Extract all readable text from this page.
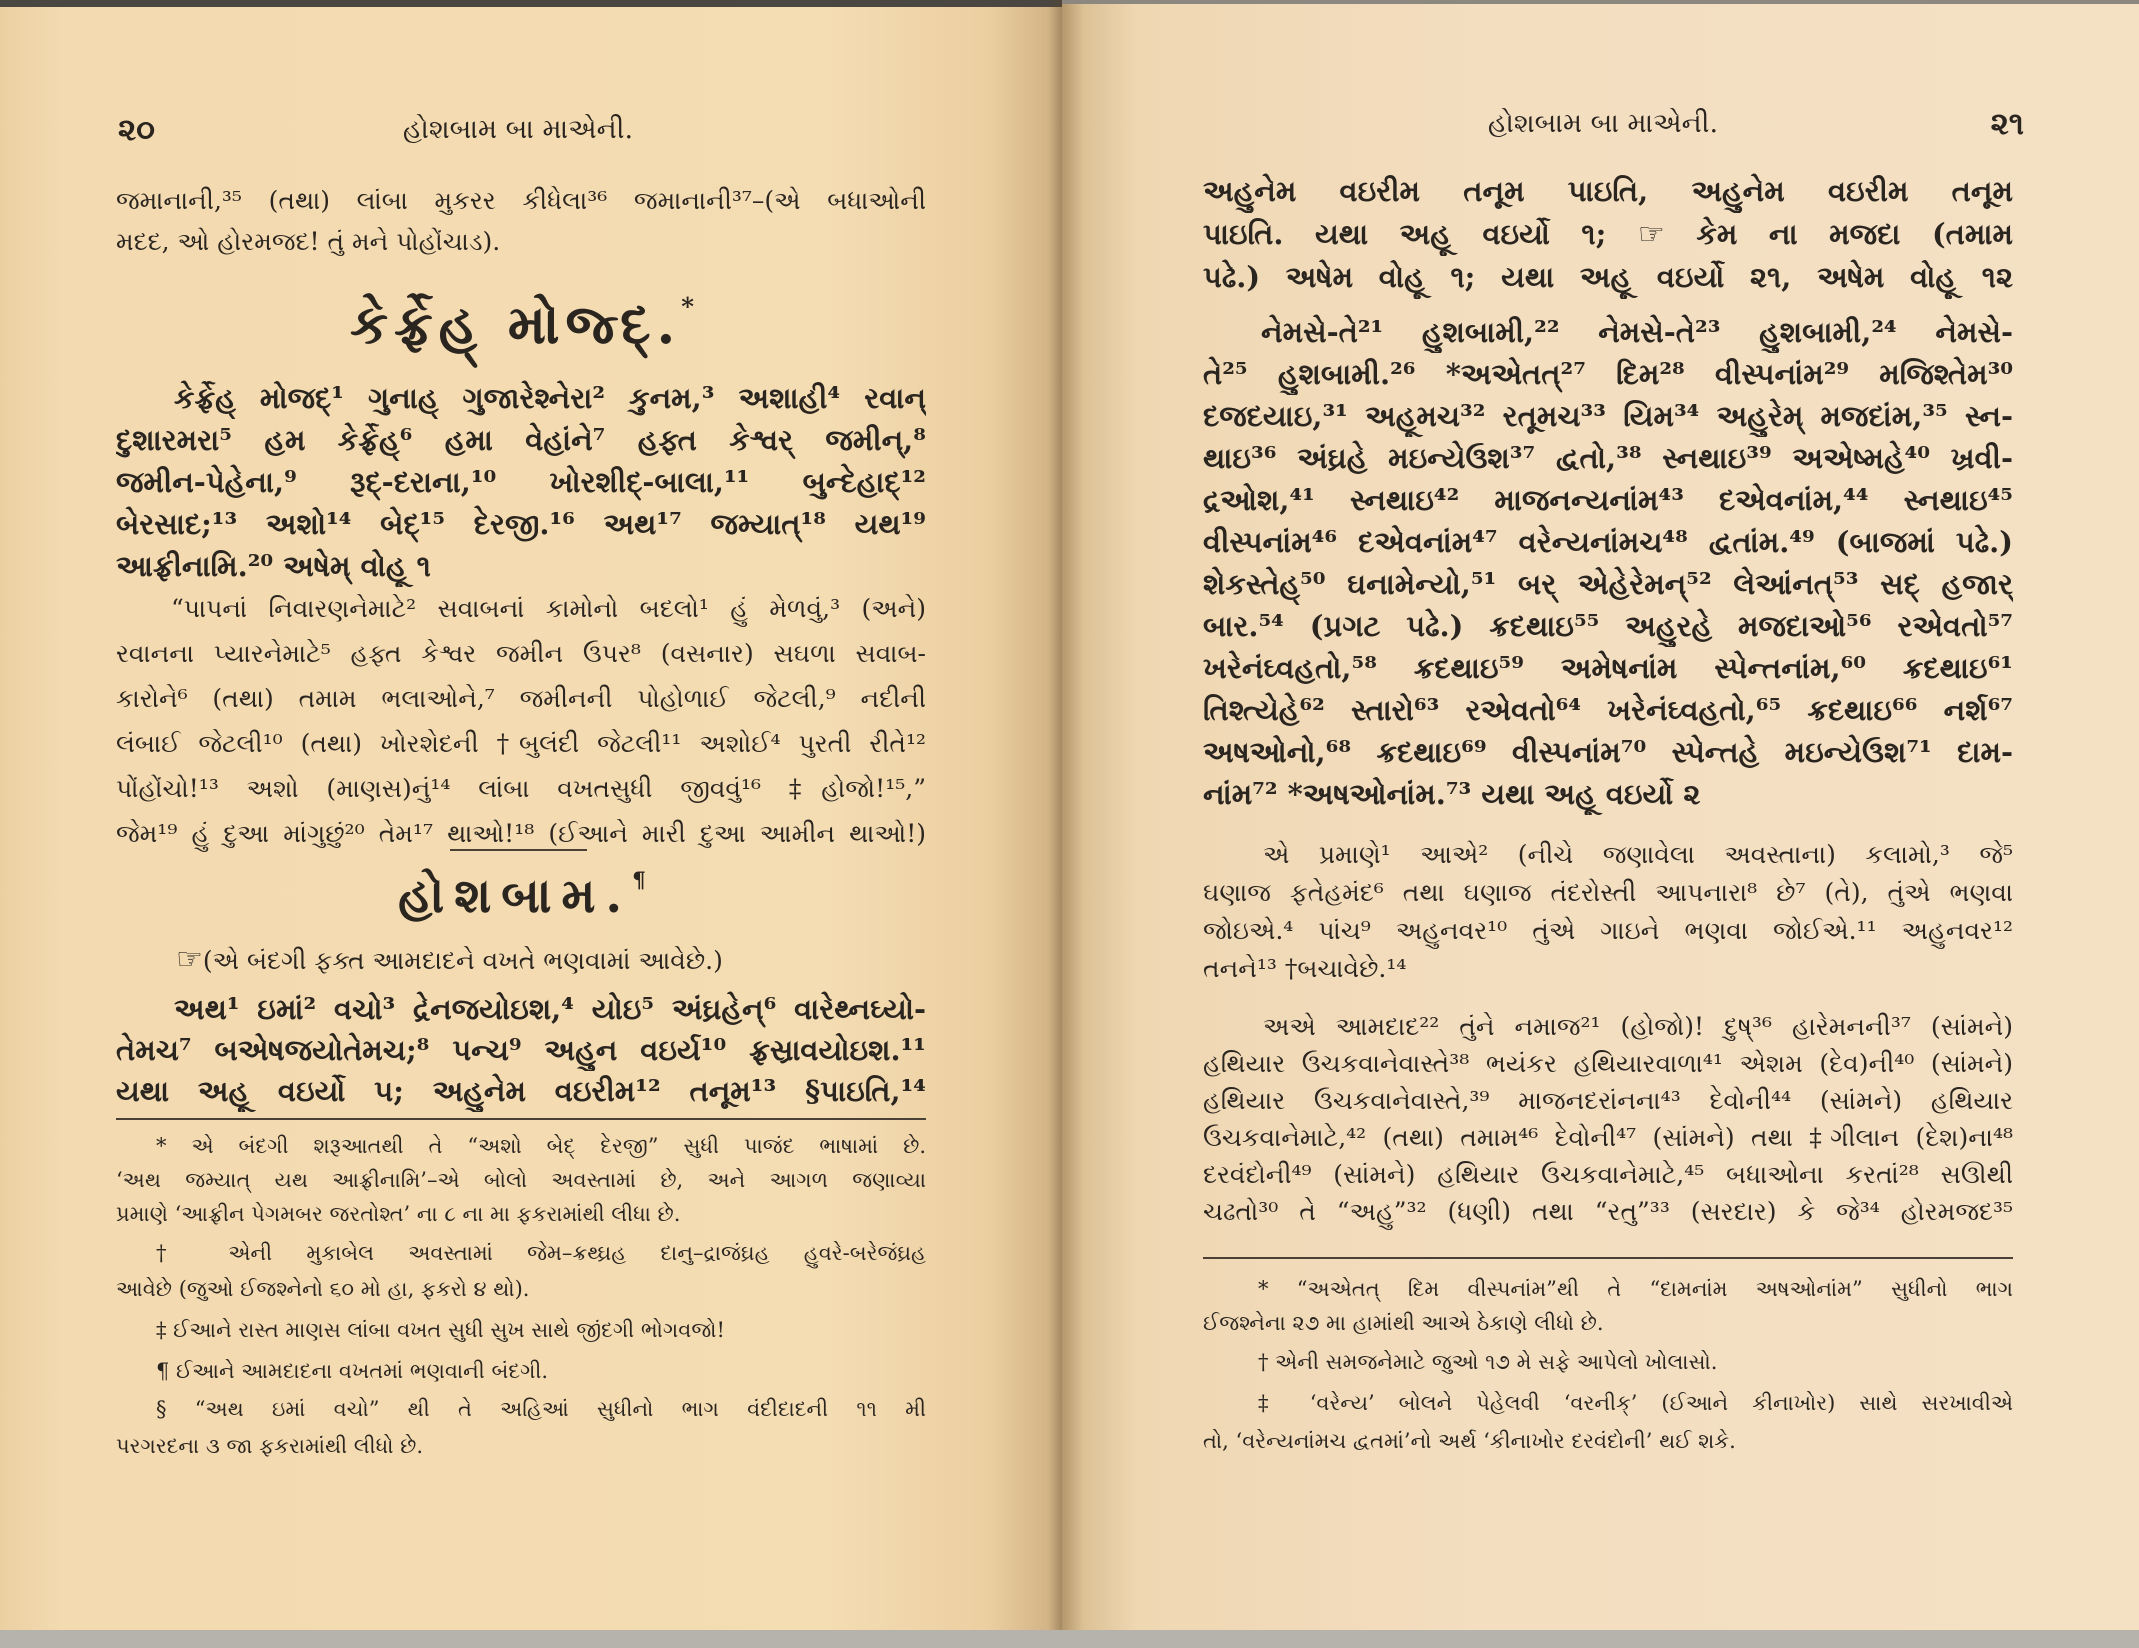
૨૦	હોશબામ બા માએની.
જમાનાની,³⁵ (તથા) લાંબા મુકરર કીધેલા³⁶ જમાનાની³⁷–(એ બધાઓની
મદદ, ઓ હોરમજદ! તું મને પોહોંચાડ).
કેર્ફ્રેહ્ મોજ્દ્.*
કેર્ફ્રેહ્ મોજદ્¹ ગુનાહ્ ગુજારેશ્નેરા² કુનમ,³ અશાહી⁴ રવાન્
દુશારમરા⁵ હમ કેર્ફ્રેહ્⁶ હમા વેહાંને⁷ હફ્ત કેશ્વર્ જમીન્,⁸
જમીન-પેહેના,⁹ રૂદ્-દરાના,¹⁰ ખોરશીદ્-બાલા,¹¹ બુન્દેહાદ્¹²
બેરસાદ;¹³ અશો¹⁴ બેદ્¹⁵ દેરજી.¹⁶ અથ¹⁷ જમ્યાત્¹⁸ યથ¹⁹
આફ્રીનામિ.²⁰ અષેમ્ વોહૂ ૧
“પાપનાં નિવારણનેમાટે² સવાબનાં કામોનો બદલો¹ હું મેળવું,³ (અને)
રવાનના પ્યારનેમાટે⁵ હફ્ત કેશ્વર જમીન ઉપર⁸ (વસનાર) સઘળા સવાબ-
કારોને⁶ (તથા) તમામ ભલાઓને,⁷ જમીનની પોહોળાઈ જેટલી,⁹ નદીની
લંબાઈ જેટલી¹⁰ (તથા) ખોરશેદની †બુલંદી જેટલી¹¹ અશોઈ⁴ પુરતી રીતે¹²
પોંહોંચો!¹³ અશો (માણસ)નું¹⁴ લાંબા વખતસુધી જીવવું¹⁶ ‡હોજો!¹⁵,”
જેમ¹⁹ હું દુઆ માંગુછું²⁰ તેમ¹⁷ થાઓ!¹⁸ (ઈઆને મારી દુઆ આમીન થાઓ!)
હોશબામ.¶
☞ (એ બંદગી ફક્ત આમદાદને વખતે ભણવામાં આવેછે.)
અથ¹ ઇમાં² વચો³ દ્રેનજયોઇશ,⁴ યોઇ⁵ અંઘ્રહેન્⁶ વારેથ્નઘ્યો-
તેમચ⁷ બએષજયોતેમચ;⁸ પન્ચ⁹ અહુન વઇર્ય¹⁰ ફ્રસ્રાવયોઇશ.¹¹
યથા અહૂ વઇર્યો ૫; અહુનેમ વઇરીમ¹² તનૂમ¹³ §પાઇતિ,¹⁴
* એ બંદગી શરૂઆતથી તે “અશો બેદ્ દેરજી” સુધી પાજંદ ભાષામાં છે.
‘અથ જમ્યાત્ યથ આફ્રીનામિ’–એ બોલો અવસ્તામાં છે, અને આગળ જણાવ્યા
પ્રમાણે ‘આફ્રીન પેગમબર જરતોશ્ત’ ના ૮ ના મા ફકરામાંથી લીધા છે.
† એની મુકાબેલ અવસ્તામાં જેમ–ક્રથ્ઘ્રહ દાનુ–દ્રાજંઘ્રહ હુવરે-બરેજંઘ્રહ
આવેછે (જુઓ ઈજશ્નેનો ૬૦ મો હા, ફકરો ૪ થો).
‡ ઈઆને રાસ્ત માણસ લાંબા વખત સુધી સુખ સાથે જીંદગી ભોગવજો!
¶ ઈઆને આમદાદના વખતમાં ભણવાની બંદગી.
§ “અથ ઇમાં વચો” થી તે અહિઆં સુધીનો ભાગ વંદીદાદની ૧૧ મી
પરગરદના ૩ જા ફકરામાંથી લીધો છે.
હોશબામ બા માએની.	૨૧
અહુનેમ વઇરીમ તનૂમ પાઇતિ, અહુનેમ વઇરીમ તનૂમ
પાઇતિ. યથા અહૂ વઇર્યો ૧; ☞	કેમ ના મજદા (તમામ
પઢે.) અષેમ વોહૂ ૧; યથા અહૂ વઇર્યો ૨૧, અષેમ વોહૂ ૧૨
નેમસે-તે²¹ હુશબામી,²² નેમસે-તે²³ હુશબામી,²⁴ નેમસે-
તે²⁵ હુશબામી.²⁶ *અએતત્²⁷ દિમ²⁸ વીસ્પનાંમ²⁹ મજિશ્તેમ³⁰
દજદયાઇ,³¹ અહૂમચ³² રતૂમચ³³ યિમ³⁴ અહુરેમ્ મજદાંમ,³⁵ સ્ન-
થાઇ³⁶ અંઘ્રહે મઇન્યેઉશ³⁷ દ્વતો,³⁸ સ્નથાઇ³⁹ અએષ્મહે⁴⁰ ખ્રવી-
દ્રઓશ,⁴¹ સ્નથાઇ⁴² માજનન્યનાંમ⁴³ દએવનાંમ,⁴⁴ સ્નથાઇ⁴⁵
વીસ્પનાંમ⁴⁶ દએવનાંમ⁴⁷ વરેન્યનાંમચ⁴⁸ દ્વતાંમ.⁴⁹ (બાજમાં પઢે.)
શેકસ્તેહ્⁵⁰ ઘનામેન્યો,⁵¹ બર્ એહેરેમન્⁵² લેઆંનત્⁵³ સદ્ હજાર્
બાર.⁵⁴ (પ્રગટ પઢે.) ક્રદથાઇ⁵⁵ અહુરહે મજદાઓ⁵⁶ રએવતો⁵⁷
ખરેનંઘ્વહતો,⁵⁸ ક્રદથાઇ⁵⁹ અમેષનાંમ સ્પેન્તનાંમ,⁶⁰ ક્રદથાઇ⁶¹
તિશ્ત્યેહે⁶² સ્તારો⁶³ રએવતો⁶⁴ ખરેનંઘ્વહતો,⁶⁵ ક્રદથાઇ⁶⁶ નર્શ⁶⁷
અષઓનો,⁶⁸ ક્રદથાઇ⁶⁹ વીસ્પનાંમ⁷⁰ સ્પેન્તહે મઇન્યેઉશ⁷¹ દામ-
નાંમ⁷² *અષઓનાંમ.⁷³ યથા અહૂ વઇર્યો ૨
એ પ્રમાણે¹ આએ² (નીચે જણાવેલા અવસ્તાના) કલામો,³ જે⁵
ઘણાજ ફતેહમંદ⁶ તથા ઘણાજ તંદરોસ્તી આપનારા⁸ છે⁷ (તે), તુંએ ભણવા
જોઇએ.⁴ પાંચ⁹ અહુનવર¹⁰ તુંએ ગાઇને ભણવા જોઈએ.¹¹ અહુનવર¹²
તનને¹³ †બચાવેછે.¹⁴
અએ આમદાદ²² તુંને નમાજ²¹ (હોજો)! દુષ્³⁶ હારેમનની³⁷ (સાંમને)
હથિયાર ઉચકવાનેવાસ્તે³⁸ ભયંકર હથિયારવાળા⁴¹ એશમ (દેવ)ની⁴⁰ (સાંમને)
હથિયાર ઉચકવાનેવાસ્તે,³⁹ માજનદરાંનના⁴³ દેવોની⁴⁴ (સાંમને) હથિયાર
ઉચકવાનેમાટે,⁴² (તથા) તમામ⁴⁶ દેવોની⁴⁷ (સાંમને) તથા ‡ગીલાન (દેશ)ના⁴⁸
દરવંદોની⁴⁹ (સાંમને) હથિયાર ઉચકવાનેમાટે,⁴⁵ બધાઓના કરતાં²⁸ સઊથી
ચઢતો³⁰ તે “અહુ”³² (ધણી) તથા “રતુ”³³ (સરદાર) કે જે³⁴ હોરમજદ³⁵
* “અએતત્ દિમ વીસ્પનાંમ”થી તે “દામનાંમ અષઓનાંમ” સુધીનો ભાગ
ઈજશ્નેના ૨૭ મા હામાંથી આએ ઠેકાણે લીધો છે.
† એની સમજનેમાટે જુઓ ૧૭ મે સફે આપેલો ખોલાસો.
‡ ‘વરેન્ય’ બોલને પેહેલવી ‘વરનીક્’ (ઈઆને કીનાખોર) સાથે સરખાવીએ
તો, ‘વરેન્યનાંમચ દ્વતમાં’નો અર્થ ‘કીનાખોર દરવંદોની’ થઈ શકે.
